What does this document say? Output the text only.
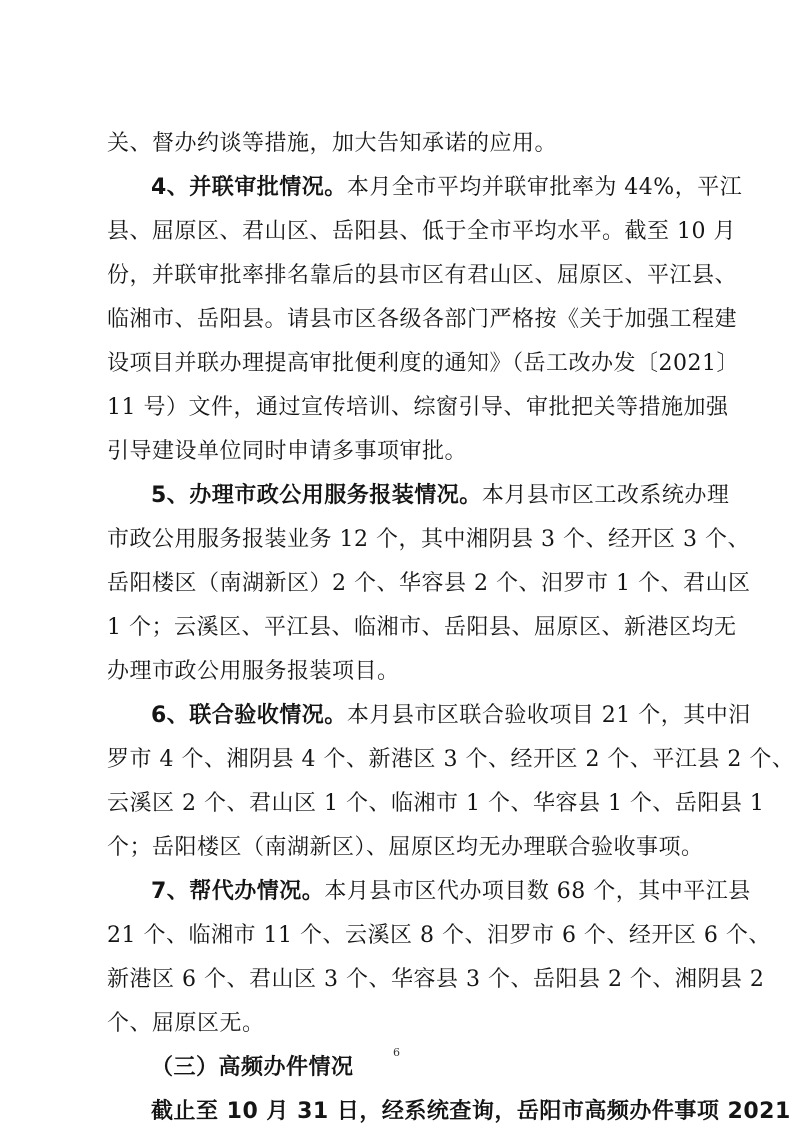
关、督办约谈等措施，加大告知承诺的应用。
4、并联审批情况。本月全市平均并联审批率为 44%，平江
县、屈原区、君山区、岳阳县、低于全市平均水平。截至 10 月
份，并联审批率排名靠后的县市区有君山区、屈原区、平江县、
临湘市、岳阳县。请县市区各级各部门严格按《关于加强工程建
设项目并联办理提高审批便利度的通知》（岳工改办发〔2021〕
11 号）文件，通过宣传培训、综窗引导、审批把关等措施加强
引导建设单位同时申请多事项审批。
5、办理市政公用服务报装情况。本月县市区工改系统办理
市政公用服务报装业务 12 个，其中湘阴县 3 个、经开区 3 个、
岳阳楼区（南湖新区）2 个、华容县 2 个、汨罗市 1 个、君山区
1 个；云溪区、平江县、临湘市、岳阳县、屈原区、新港区均无
办理市政公用服务报装项目。
6、联合验收情况。本月县市区联合验收项目 21 个，其中汨
罗市 4 个、湘阴县 4 个、新港区 3 个、经开区 2 个、平江县 2 个、
云溪区 2 个、君山区 1 个、临湘市 1 个、华容县 1 个、岳阳县 1
个；岳阳楼区（南湖新区）、屈原区均无办理联合验收事项。
7、帮代办情况。本月县市区代办项目数 68 个，其中平江县
21 个、临湘市 11 个、云溪区 8 个、汨罗市 6 个、经开区 6 个、
新港区 6 个、君山区 3 个、华容县 3 个、岳阳县 2 个、湘阴县 2
个、屈原区无。
（三）高频办件情况
截止至 10 月 31 日，经系统查询，岳阳市高频办件事项 2021
6
